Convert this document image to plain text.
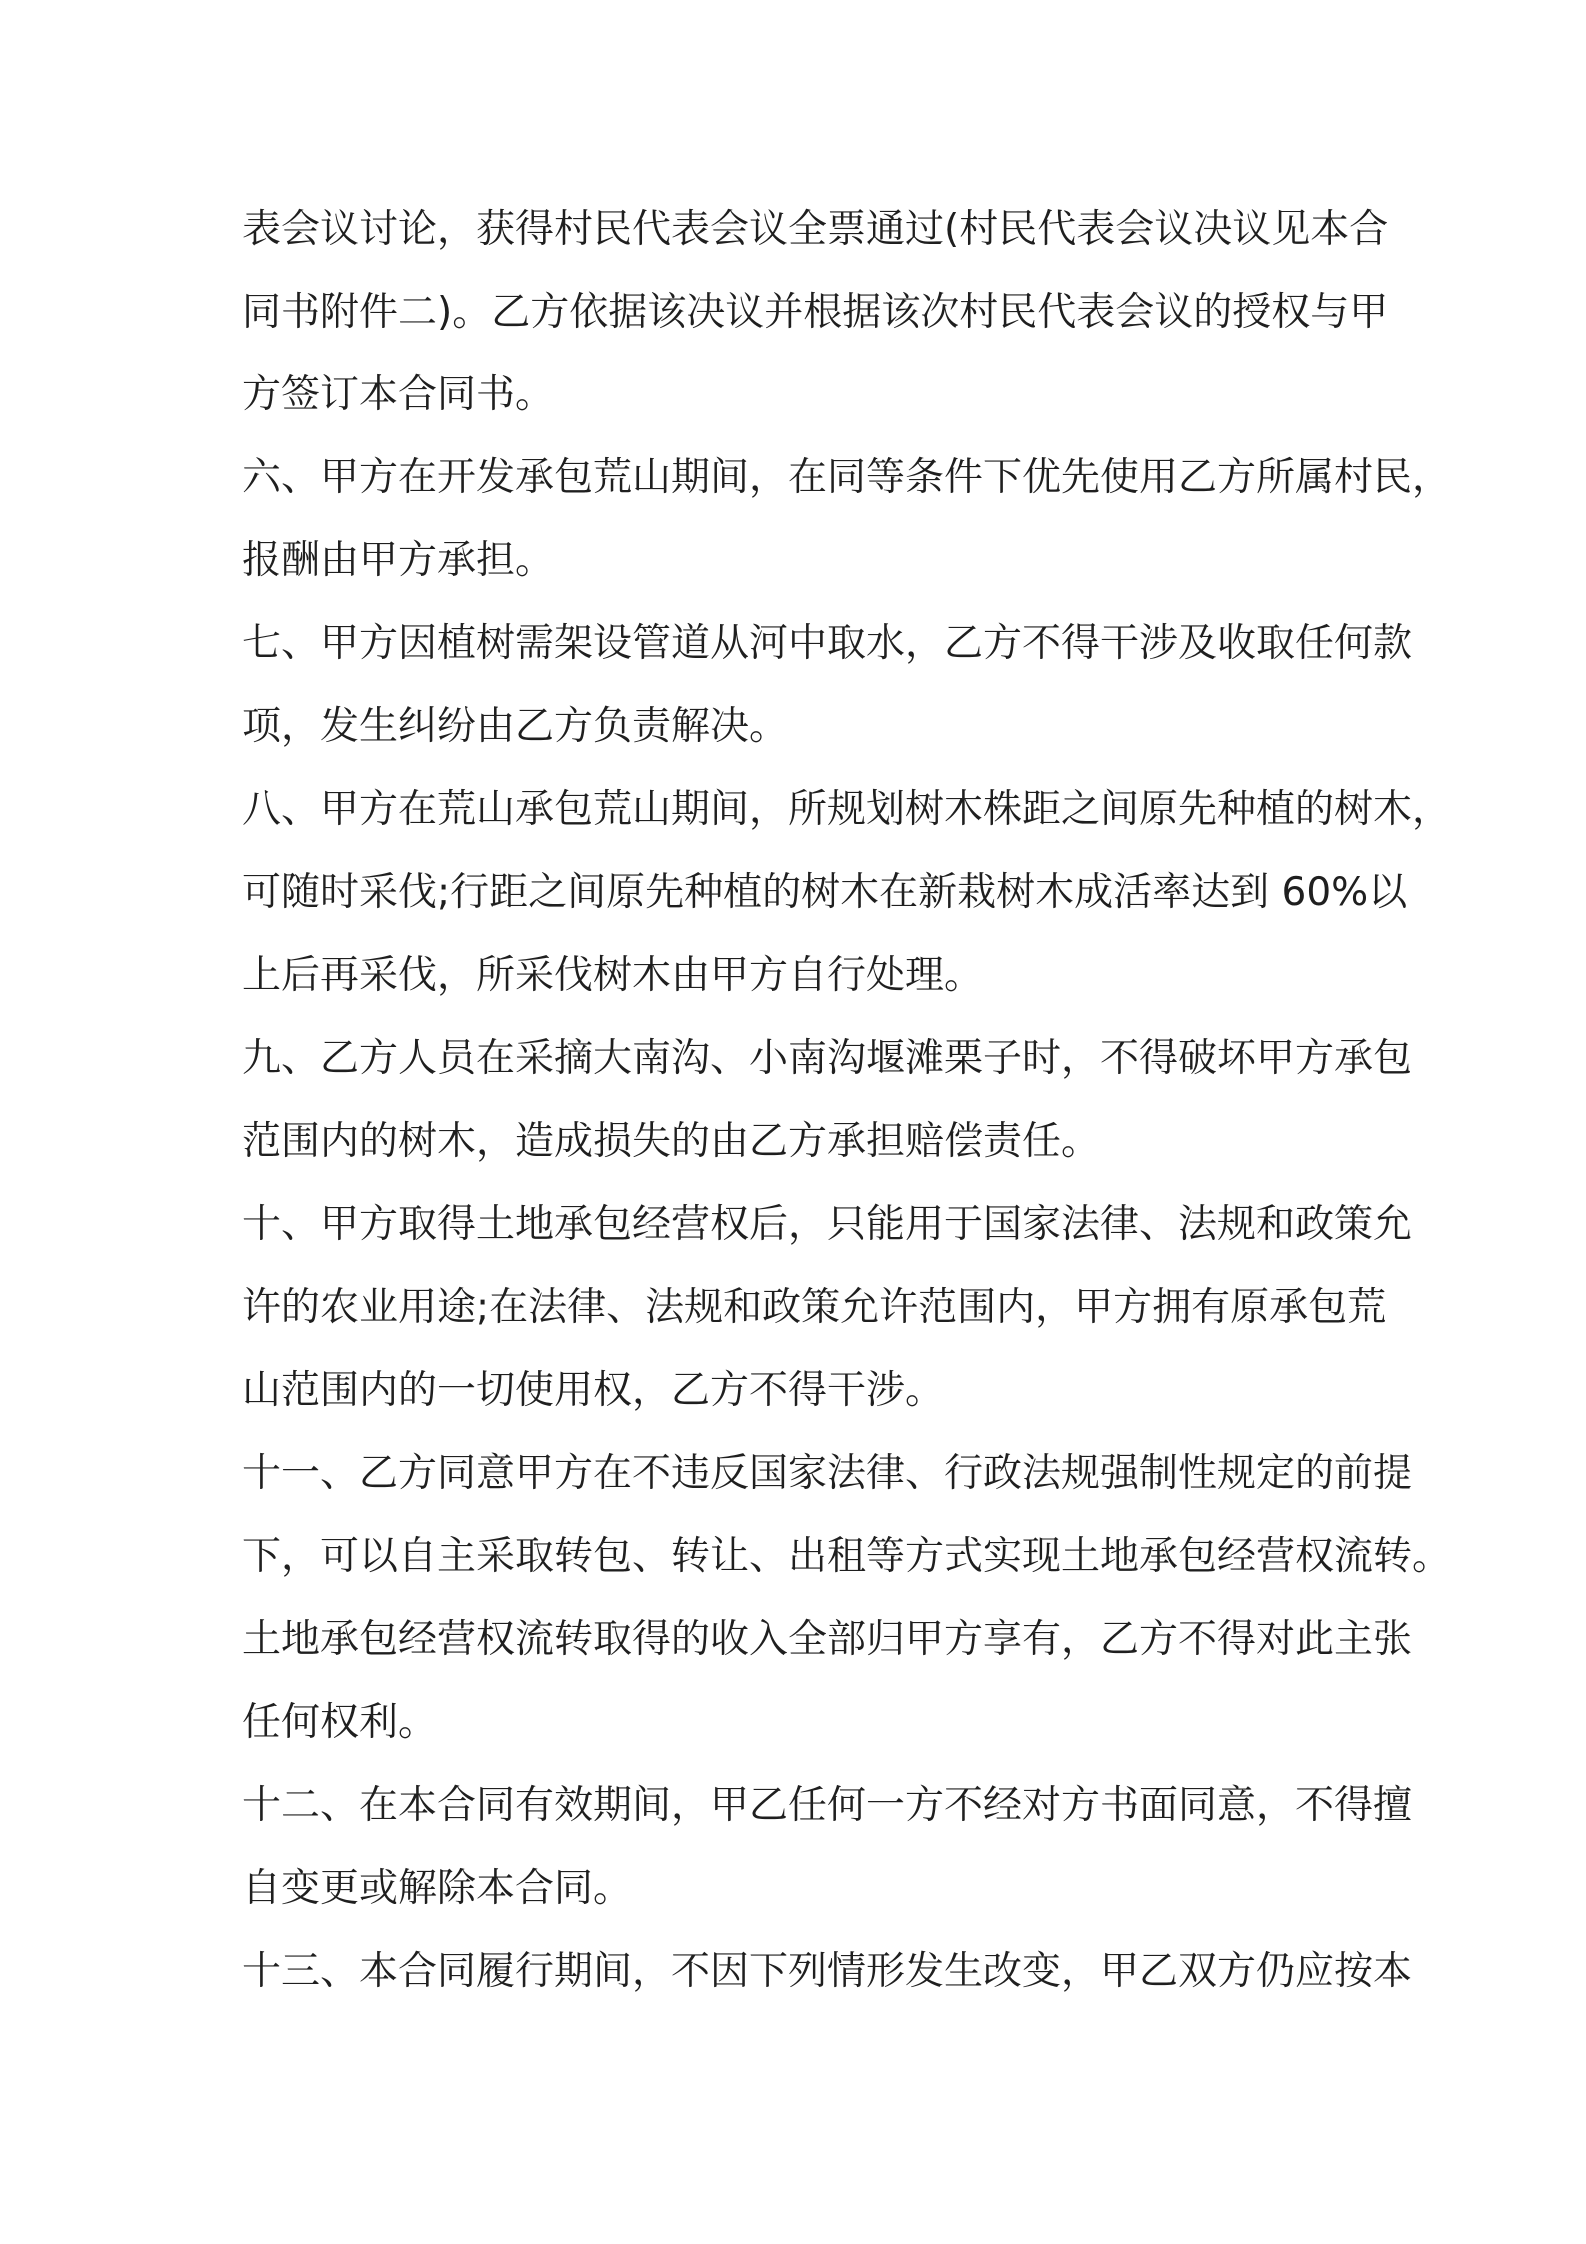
表会议讨论，获得村民代表会议全票通过(村民代表会议决议见本合
同书附件二)。乙方依据该决议并根据该次村民代表会议的授权与甲
方签订本合同书。
六、甲方在开发承包荒山期间，在同等条件下优先使用乙方所属村民，
报酬由甲方承担。
七、甲方因植树需架设管道从河中取水，乙方不得干涉及收取任何款
项，发生纠纷由乙方负责解决。
八、甲方在荒山承包荒山期间，所规划树木株距之间原先种植的树木，
可随时采伐;行距之间原先种植的树木在新栽树木成活率达到 60%以
上后再采伐，所采伐树木由甲方自行处理。
九、乙方人员在采摘大南沟、小南沟堰滩栗子时，不得破坏甲方承包
范围内的树木，造成损失的由乙方承担赔偿责任。
十、甲方取得土地承包经营权后，只能用于国家法律、法规和政策允
许的农业用途;在法律、法规和政策允许范围内，甲方拥有原承包荒
山范围内的一切使用权，乙方不得干涉。
十一、乙方同意甲方在不违反国家法律、行政法规强制性规定的前提
下，可以自主采取转包、转让、出租等方式实现土地承包经营权流转。
土地承包经营权流转取得的收入全部归甲方享有，乙方不得对此主张
任何权利。
十二、在本合同有效期间，甲乙任何一方不经对方书面同意，不得擅
自变更或解除本合同。
十三、本合同履行期间，不因下列情形发生改变，甲乙双方仍应按本
